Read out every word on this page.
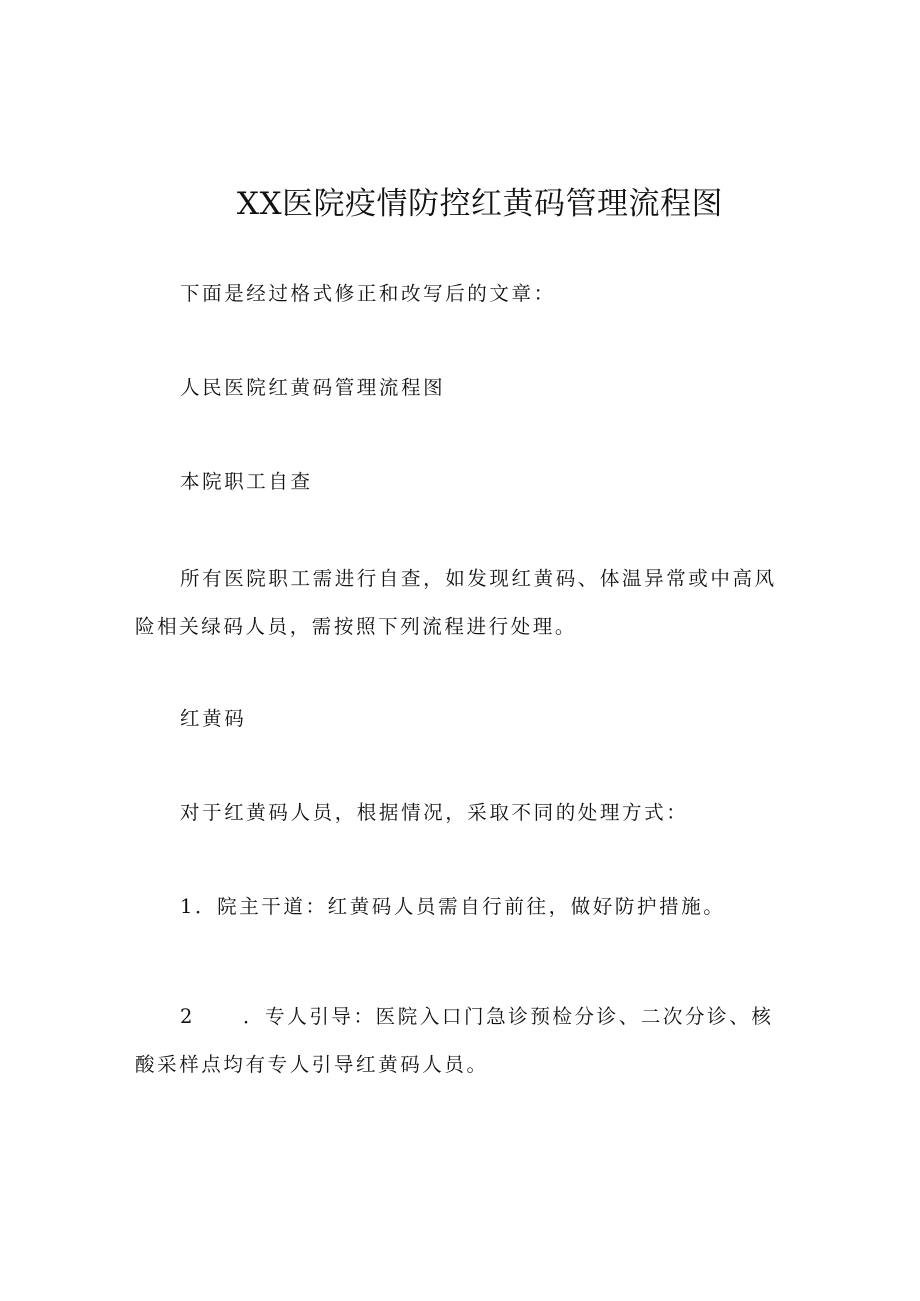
XX医院疫情防控红黄码管理流程图
下面是经过格式修正和改写后的文章：
人民医院红黄码管理流程图
本院职工自查
所有医院职工需进行自查，如发现红黄码、体温异常或中高风险相关绿码人员，需按照下列流程进行处理。
红黄码
对于红黄码人员，根据情况，采取不同的处理方式：
1．院主干道：红黄码人员需自行前往，做好防护措施。
2 ．专人引导：医院入口门急诊预检分诊、二次分诊、核酸采样点均有专人引导红黄码人员。
